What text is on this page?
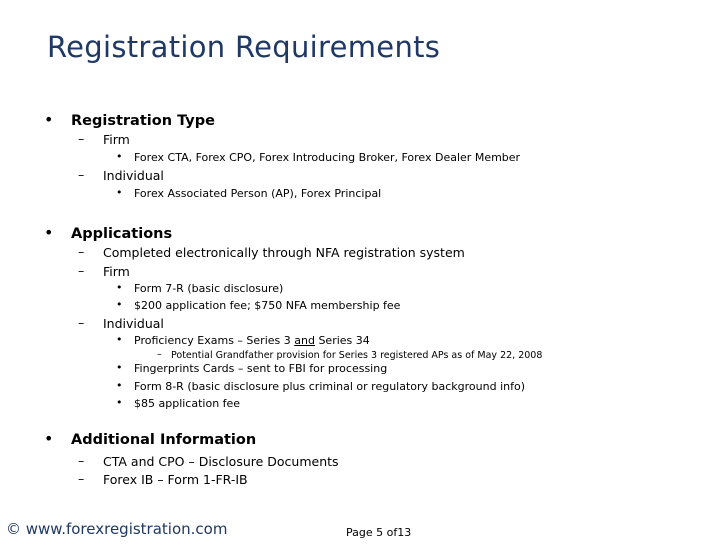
Registration Requirements
• Registration Type
– Firm
• Forex CTA, Forex CPO, Forex Introducing Broker, Forex Dealer Member
– Individual
• Forex Associated Person (AP), Forex Principal
• Applications
– Completed electronically through NFA registration system
– Firm
• Form 7-R (basic disclosure)
• $200 application fee; $750 NFA membership fee
– Individual
• Proficiency Exams – Series 3 and Series 34
– Potential Grandfather provision for Series 3 registered APs as of May 22, 2008
• Fingerprints Cards – sent to FBI for processing
• Form 8-R (basic disclosure plus criminal or regulatory background info)
• $85 application fee
• Additional Information
– CTA and CPO – Disclosure Documents
– Forex IB – Form 1-FR-IB
© www.forexregistration.com	Page 5 of13
